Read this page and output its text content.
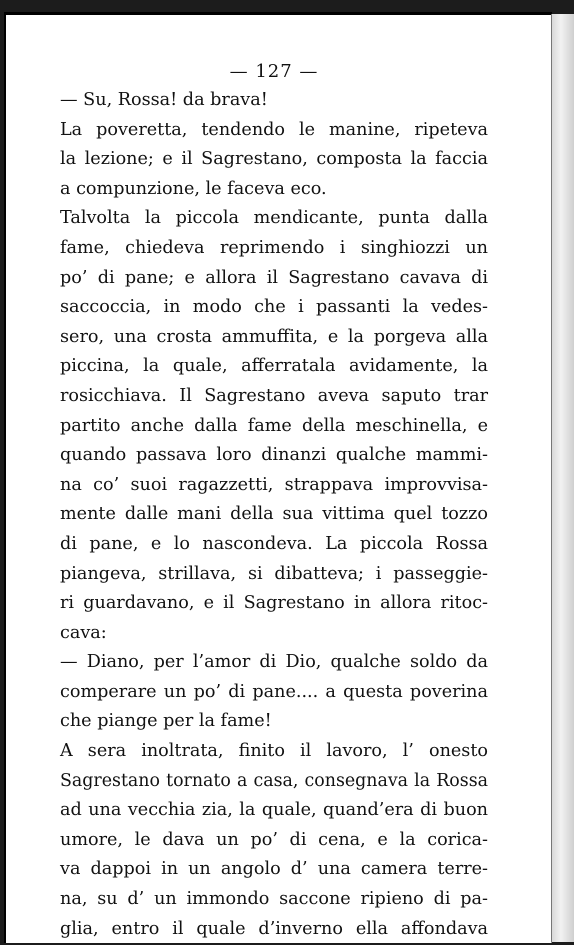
— 127 —
— Su, Rossa! da brava!
La poveretta, tendendo le manine, ripeteva
la lezione; e il Sagrestano, composta la faccia
a compunzione, le faceva eco.
Talvolta la piccola mendicante, punta dalla
fame, chiedeva reprimendo i singhiozzi un
po’ di pane; e allora il Sagrestano cavava di
saccoccia, in modo che i passanti la vedes-
sero, una crosta ammuffita, e la porgeva alla
piccina, la quale, afferratala avidamente, la
rosicchiava. Il Sagrestano aveva saputo trar
partito anche dalla fame della meschinella, e
quando passava loro dinanzi qualche mammi-
na co’ suoi ragazzetti, strappava improvvisa-
mente dalle mani della sua vittima quel tozzo
di pane, e lo nascondeva. La piccola Rossa
piangeva, strillava, si dibatteva; i passeggie-
ri guardavano, e il Sagrestano in allora ritoc-
cava:
— Diano, per l’amor di Dio, qualche soldo da
comperare un po’ di pane.... a questa poverina
che piange per la fame!
A sera inoltrata, finito il lavoro, l’ onesto
Sagrestano tornato a casa, consegnava la Rossa
ad una vecchia zia, la quale, quand’era di buon
umore, le dava un po’ di cena, e la corica-
va dappoi in un angolo d’ una camera terre-
na, su d’ un immondo saccone ripieno di pa-
glia, entro il quale d’inverno ella affondava
